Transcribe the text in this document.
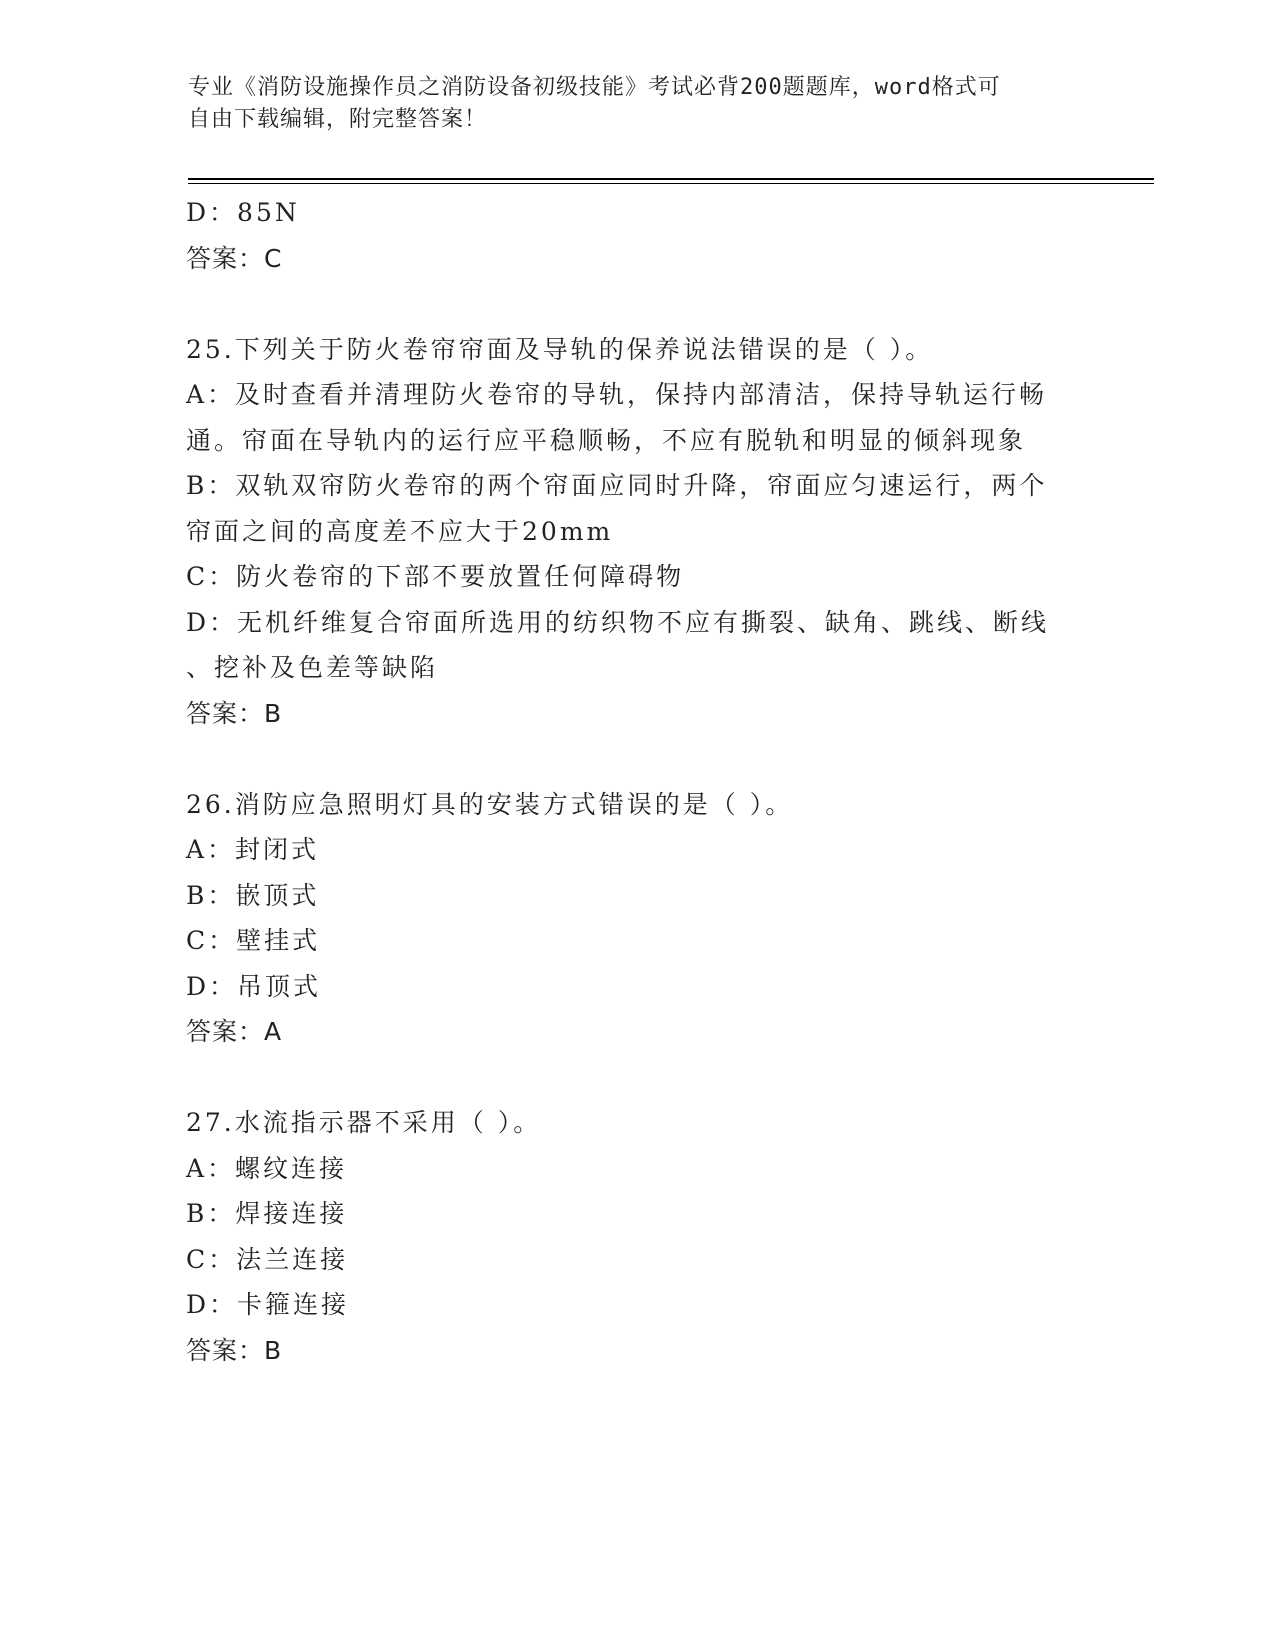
专业《消防设施操作员之消防设备初级技能》考试必背200题题库，word格式可
自由下载编辑，附完整答案！
D：85N
答案：C
25.下列关于防火卷帘帘面及导轨的保养说法错误的是（ ）。
A：及时查看并清理防火卷帘的导轨，保持内部清洁，保持导轨运行畅
通。帘面在导轨内的运行应平稳顺畅，不应有脱轨和明显的倾斜现象
B：双轨双帘防火卷帘的两个帘面应同时升降，帘面应匀速运行，两个
帘面之间的高度差不应大于20mm
C：防火卷帘的下部不要放置任何障碍物
D：无机纤维复合帘面所选用的纺织物不应有撕裂、缺角、跳线、断线
、挖补及色差等缺陷
答案：B
26.消防应急照明灯具的安装方式错误的是（ ）。
A：封闭式
B：嵌顶式
C：壁挂式
D：吊顶式
答案：A
27.水流指示器不采用（ ）。
A：螺纹连接
B：焊接连接
C：法兰连接
D：卡箍连接
答案：B
